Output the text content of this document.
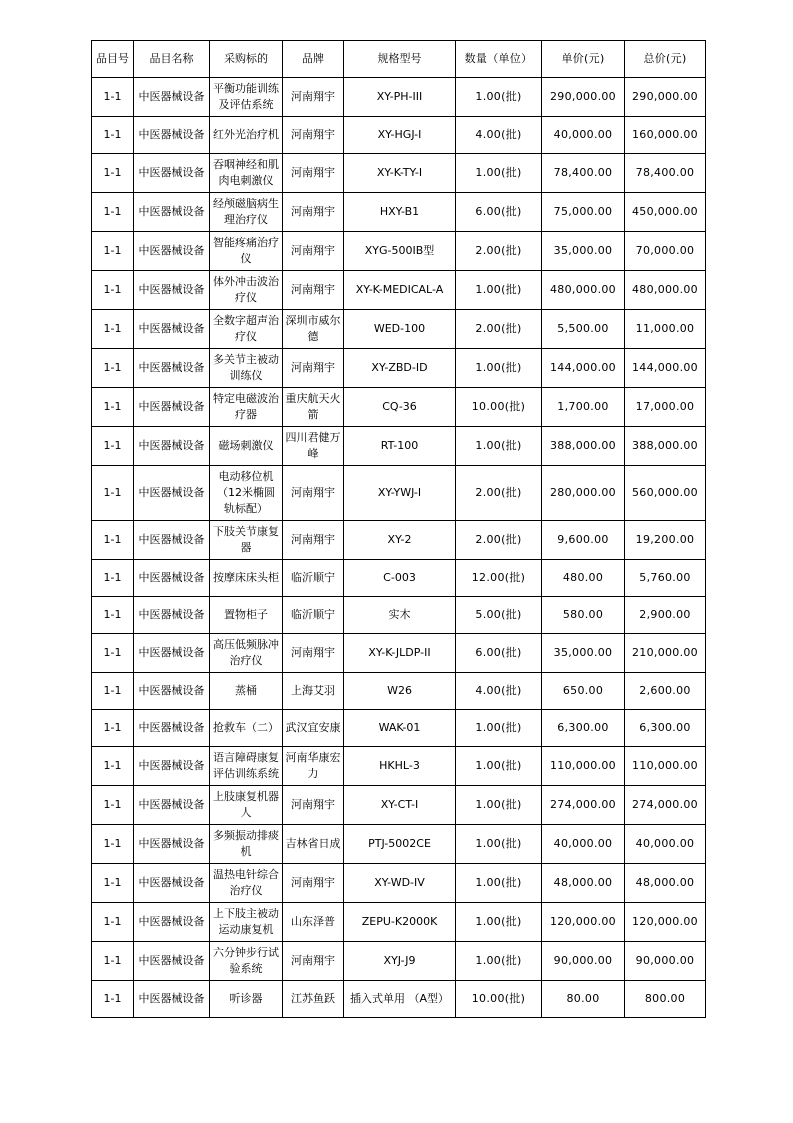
品目号	品目名称	采购标的	品牌	规格型号	数量（单位）	单价(元)	总价(元)
1-1	中医器械设备	平衡功能训练及评估系统	河南翔宇	XY-PH-III	1.00(批)	290,000.00	290,000.00
1-1	中医器械设备	红外光治疗机	河南翔宇	XY-HGJ-I	4.00(批)	40,000.00	160,000.00
1-1	中医器械设备	吞咽神经和肌肉电刺激仪	河南翔宇	XY-K-TY-I	1.00(批)	78,400.00	78,400.00
1-1	中医器械设备	经颅磁脑病生理治疗仪	河南翔宇	HXY-B1	6.00(批)	75,000.00	450,000.00
1-1	中医器械设备	智能疼痛治疗仪	河南翔宇	XYG-500IB型	2.00(批)	35,000.00	70,000.00
1-1	中医器械设备	体外冲击波治疗仪	河南翔宇	XY-K-MEDICAL-A	1.00(批)	480,000.00	480,000.00
1-1	中医器械设备	全数字超声治疗仪	深圳市威尔德	WED-100	2.00(批)	5,500.00	11,000.00
1-1	中医器械设备	多关节主被动训练仪	河南翔宇	XY-ZBD-ID	1.00(批)	144,000.00	144,000.00
1-1	中医器械设备	特定电磁波治疗器	重庆航天火箭	CQ-36	10.00(批)	1,700.00	17,000.00
1-1	中医器械设备	磁场刺激仪	四川君健万峰	RT-100	1.00(批)	388,000.00	388,000.00
1-1	中医器械设备	电动移位机（12米椭圆轨标配）	河南翔宇	XY-YWJ-I	2.00(批)	280,000.00	560,000.00
1-1	中医器械设备	下肢关节康复器	河南翔宇	XY-2	2.00(批)	9,600.00	19,200.00
1-1	中医器械设备	按摩床床头柜	临沂顺宁	C-003	12.00(批)	480.00	5,760.00
1-1	中医器械设备	置物柜子	临沂顺宁	实木	5.00(批)	580.00	2,900.00
1-1	中医器械设备	高压低频脉冲治疗仪	河南翔宇	XY-K-JLDP-II	6.00(批)	35,000.00	210,000.00
1-1	中医器械设备	蒸桶	上海艾羽	W26	4.00(批)	650.00	2,600.00
1-1	中医器械设备	抢救车（二）	武汉宜安康	WAK-01	1.00(批)	6,300.00	6,300.00
1-1	中医器械设备	语言障碍康复评估训练系统	河南华康宏力	HKHL-3	1.00(批)	110,000.00	110,000.00
1-1	中医器械设备	上肢康复机器人	河南翔宇	XY-CT-I	1.00(批)	274,000.00	274,000.00
1-1	中医器械设备	多频振动排痰机	吉林省日成	PTJ-5002CE	1.00(批)	40,000.00	40,000.00
1-1	中医器械设备	温热电针综合治疗仪	河南翔宇	XY-WD-IV	1.00(批)	48,000.00	48,000.00
1-1	中医器械设备	上下肢主被动运动康复机	山东泽普	ZEPU-K2000K	1.00(批)	120,000.00	120,000.00
1-1	中医器械设备	六分钟步行试验系统	河南翔宇	XYJ-J9	1.00(批)	90,000.00	90,000.00
1-1	中医器械设备	听诊器	江苏鱼跃	插入式单用 （A型）	10.00(批)	80.00	800.00
